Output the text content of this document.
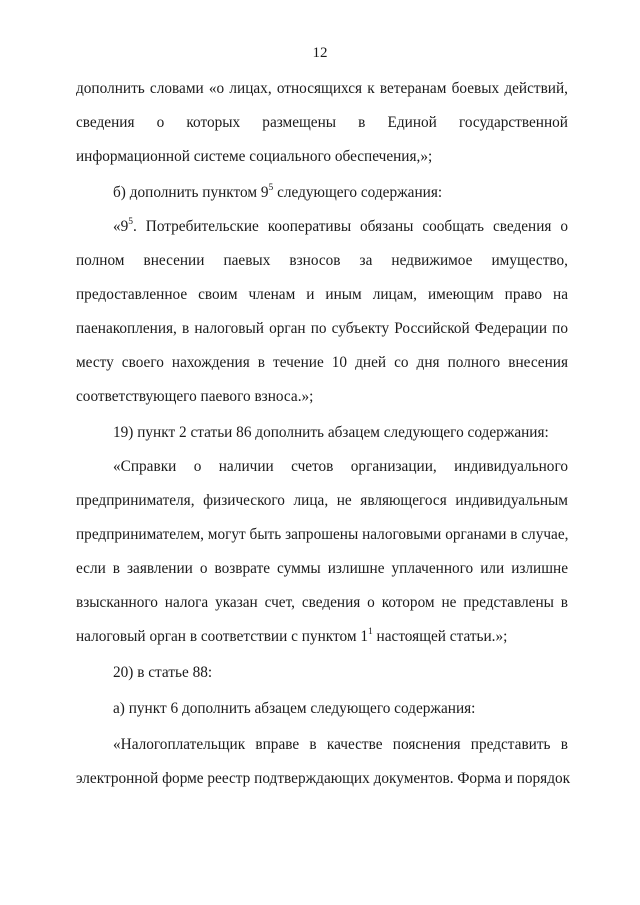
12
дополнить словами «о лицах, относящихся к ветеранам боевых действий,
сведения о которых размещены в Единой государственной
информационной системе социального обеспечения,»;
б) дополнить пунктом $9^5$ следующего содержания:
«$9^5$. Потребительские кооперативы обязаны сообщать сведения о
полном внесении паевых взносов за недвижимое имущество,
предоставленное своим членам и иным лицам, имеющим право на
паенакопления, в налоговый орган по субъекту Российской Федерации по
месту своего нахождения в течение 10 дней со дня полного внесения
соответствующего паевого взноса.»;
19) пункт 2 статьи 86 дополнить абзацем следующего содержания:
«Справки о наличии счетов организации, индивидуального
предпринимателя, физического лица, не являющегося индивидуальным
предпринимателем, могут быть запрошены налоговыми органами в случае,
если в заявлении о возврате суммы излишне уплаченного или излишне
взысканного налога указан счет, сведения о котором не представлены в
налоговый орган в соответствии с пунктом $1^1$ настоящей статьи.»;
20) в статье 88:
а) пункт 6 дополнить абзацем следующего содержания:
«Налогоплательщик вправе в качестве пояснения представить в
электронной форме реестр подтверждающих документов. Форма и порядок
